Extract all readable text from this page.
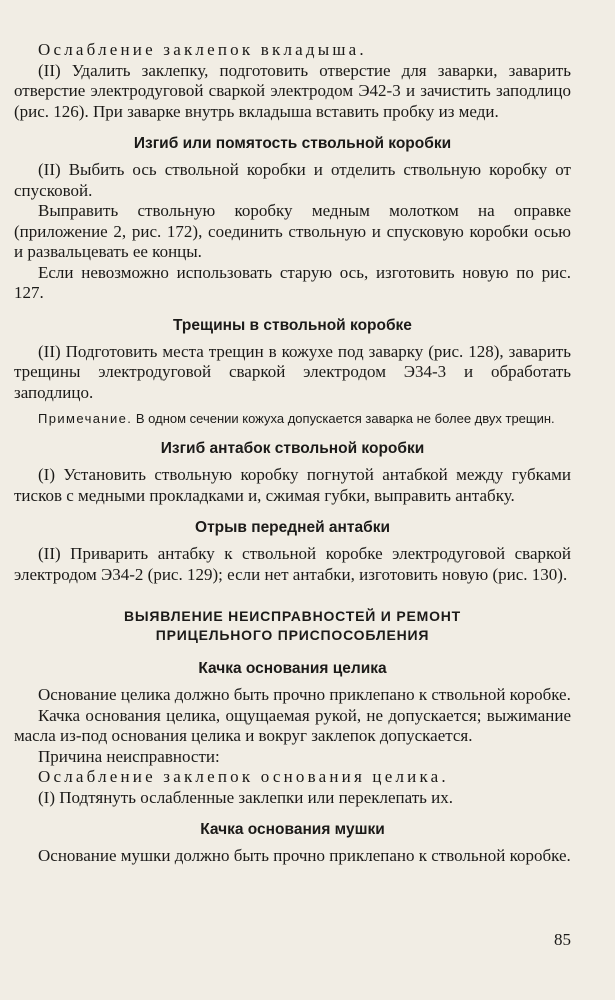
Ослабление заклепок вкладыша.

(II) Удалить заклепку, подготовить отверстие для заварки, заварить отверстие электродуговой сваркой электродом Э42-3 и зачистить заподлицо (рис. 126). При заварке внутрь вкладыша вставить пробку из меди.

Изгиб или помятость ствольной коробки

(II) Выбить ось ствольной коробки и отделить ствольную коробку от спусковой.

Выправить ствольную коробку медным молотком на оправке (приложение 2, рис. 172), соединить ствольную и спусковую коробки осью и развальцевать ее концы.

Если невозможно использовать старую ось, изготовить новую по рис. 127.

Трещины в ствольной коробке

(II) Подготовить места трещин в кожухе под заварку (рис. 128), заварить трещины электродуговой сваркой электродом Э34-3 и обработать заподлицо.

Примечание. В одном сечении кожуха допускается заварка не более двух трещин.

Изгиб антабок ствольной коробки

(I) Установить ствольную коробку погнутой антабкой между губками тисков с медными прокладками и, сжимая губки, выправить антабку.

Отрыв передней антабки

(II) Приварить антабку к ствольной коробке электродуговой сваркой электродом Э34-2 (рис. 129); если нет антабки, изготовить новую (рис. 130).

ВЫЯВЛЕНИЕ НЕИСПРАВНОСТЕЙ И РЕМОНТ
ПРИЦЕЛЬНОГО ПРИСПОСОБЛЕНИЯ
Качка основания целика

Основание целика должно быть прочно приклепано к ствольной коробке.

Качка основания целика, ощущаемая рукой, не допускается; выжимание масла из-под основания целика и вокруг заклепок допускается.

Причина неисправности:

Ослабление заклепок основания целика.

(I) Подтянуть ослабленные заклепки или переклепать их.

Качка основания мушки

Основание мушки должно быть прочно приклепано к ствольной коробке.

85
